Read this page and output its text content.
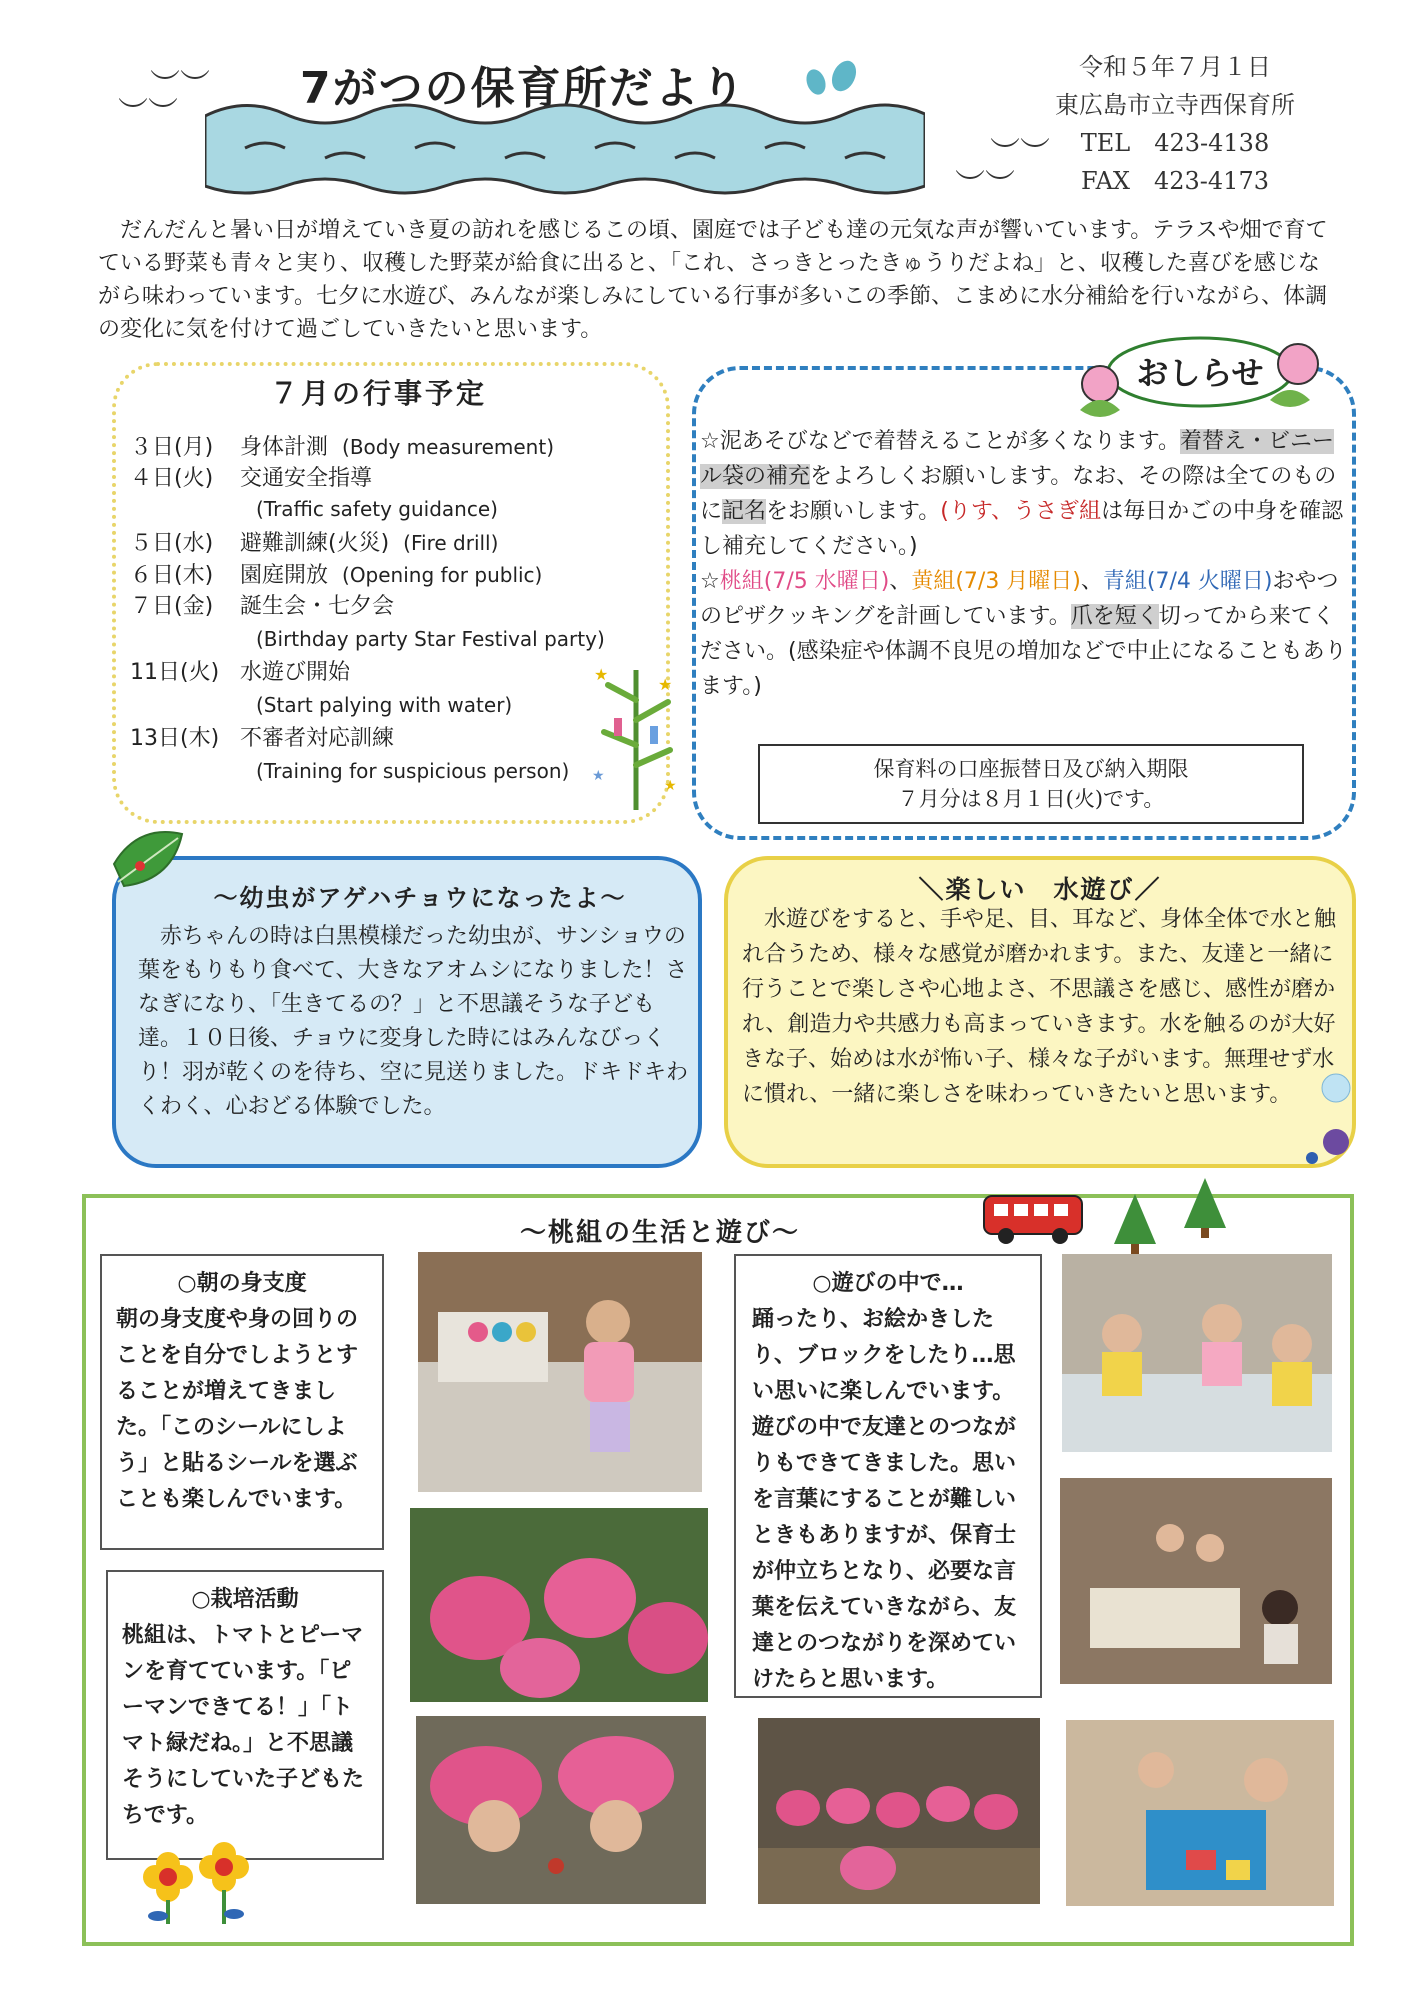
︶︶
︶︶
︶︶
︶︶
7がつの保育所だより	令和５年７月１日
東広島市立寺西保育所
TEL　423-4138
FAX　423-4173
だんだんと暑い日が増えていき夏の訪れを感じるこの頃、園庭では子ども達の元気な声が響いています。テラスや畑で育てている野菜も青々と実り、収穫した野菜が給食に出ると、「これ、さっきとったきゅうりだよね」と、収穫した喜びを感じながら味わっています。七夕に水遊び、みんなが楽しみにしている行事が多いこの季節、こまめに水分補給を行いながら、体調の変化に気を付けて過ごしていきたいと思います。
７月の行事予定
３日(月) 身体計測 (Body measurement)
４日(火) 交通安全指導
(Traffic safety guidance)
５日(水) 避難訓練(火災) (Fire drill)
６日(木) 園庭開放 (Opening for public)
７日(金) 誕生会・七夕会
(Birthday party Star Festival party)
11日(火) 水遊び開始
(Start palying with water)
13日(木) 不審者対応訓練
(Training for suspicious person)
★
★
★
★
おしらせ
☆泥あそびなどで着替えることが多くなります。着替え・ビニール袋の補充をよろしくお願いします。なお、その際は全てのものに記名をお願いします。(りす、うさぎ組は毎日かごの中身を確認し補充してください。)
☆桃組(7/5 水曜日)、黄組(7/3 月曜日)、青組(7/4 火曜日)おやつのピザクッキングを計画しています。爪を短く切ってから来てください。(感染症や体調不良児の増加などで中止になることもあります。)
保育料の口座振替日及び納入期限
７月分は８月１日(火)です。
～幼虫がアゲハチョウになったよ～
　赤ちゃんの時は白黒模様だった幼虫が、サンショウの葉をもりもり食べて、大きなアオムシになりました！さなぎになり、「生きてるの？」と不思議そうな子ども達。１０日後、チョウに変身した時にはみんなびっくり！羽が乾くのを待ち、空に見送りました。ドキドキわくわく、心おどる体験でした。
＼楽しい　水遊び／
水遊びをすると、手や足、目、耳など、身体全体で水と触れ合うため、様々な感覚が磨かれます。また、友達と一緒に行うことで楽しさや心地よさ、不思議さを感じ、感性が磨かれ、創造力や共感力も高まっていきます。水を触るのが大好きな子、始めは水が怖い子、様々な子がいます。無理せず水に慣れ、一緒に楽しさを味わっていきたいと思います。
～桃組の生活と遊び～
○朝の身支度
朝の身支度や身の回りのことを自分でしようとすることが増えてきました。「このシールにしよう」と貼るシールを選ぶことも楽しんでいます。
○栽培活動
桃組は、トマトとピーマンを育てています。「ピーマンできてる！」「トマト緑だね。」と不思議そうにしていた子どもたちです。
○遊びの中で…
踊ったり、お絵かきしたり、ブロックをしたり…思い思いに楽しんでいます。遊びの中で友達とのつながりもできてきました。思いを言葉にすることが難しいときもありますが、保育士が仲立ちとなり、必要な言葉を伝えていきながら、友達とのつながりを深めていけたらと思います。
